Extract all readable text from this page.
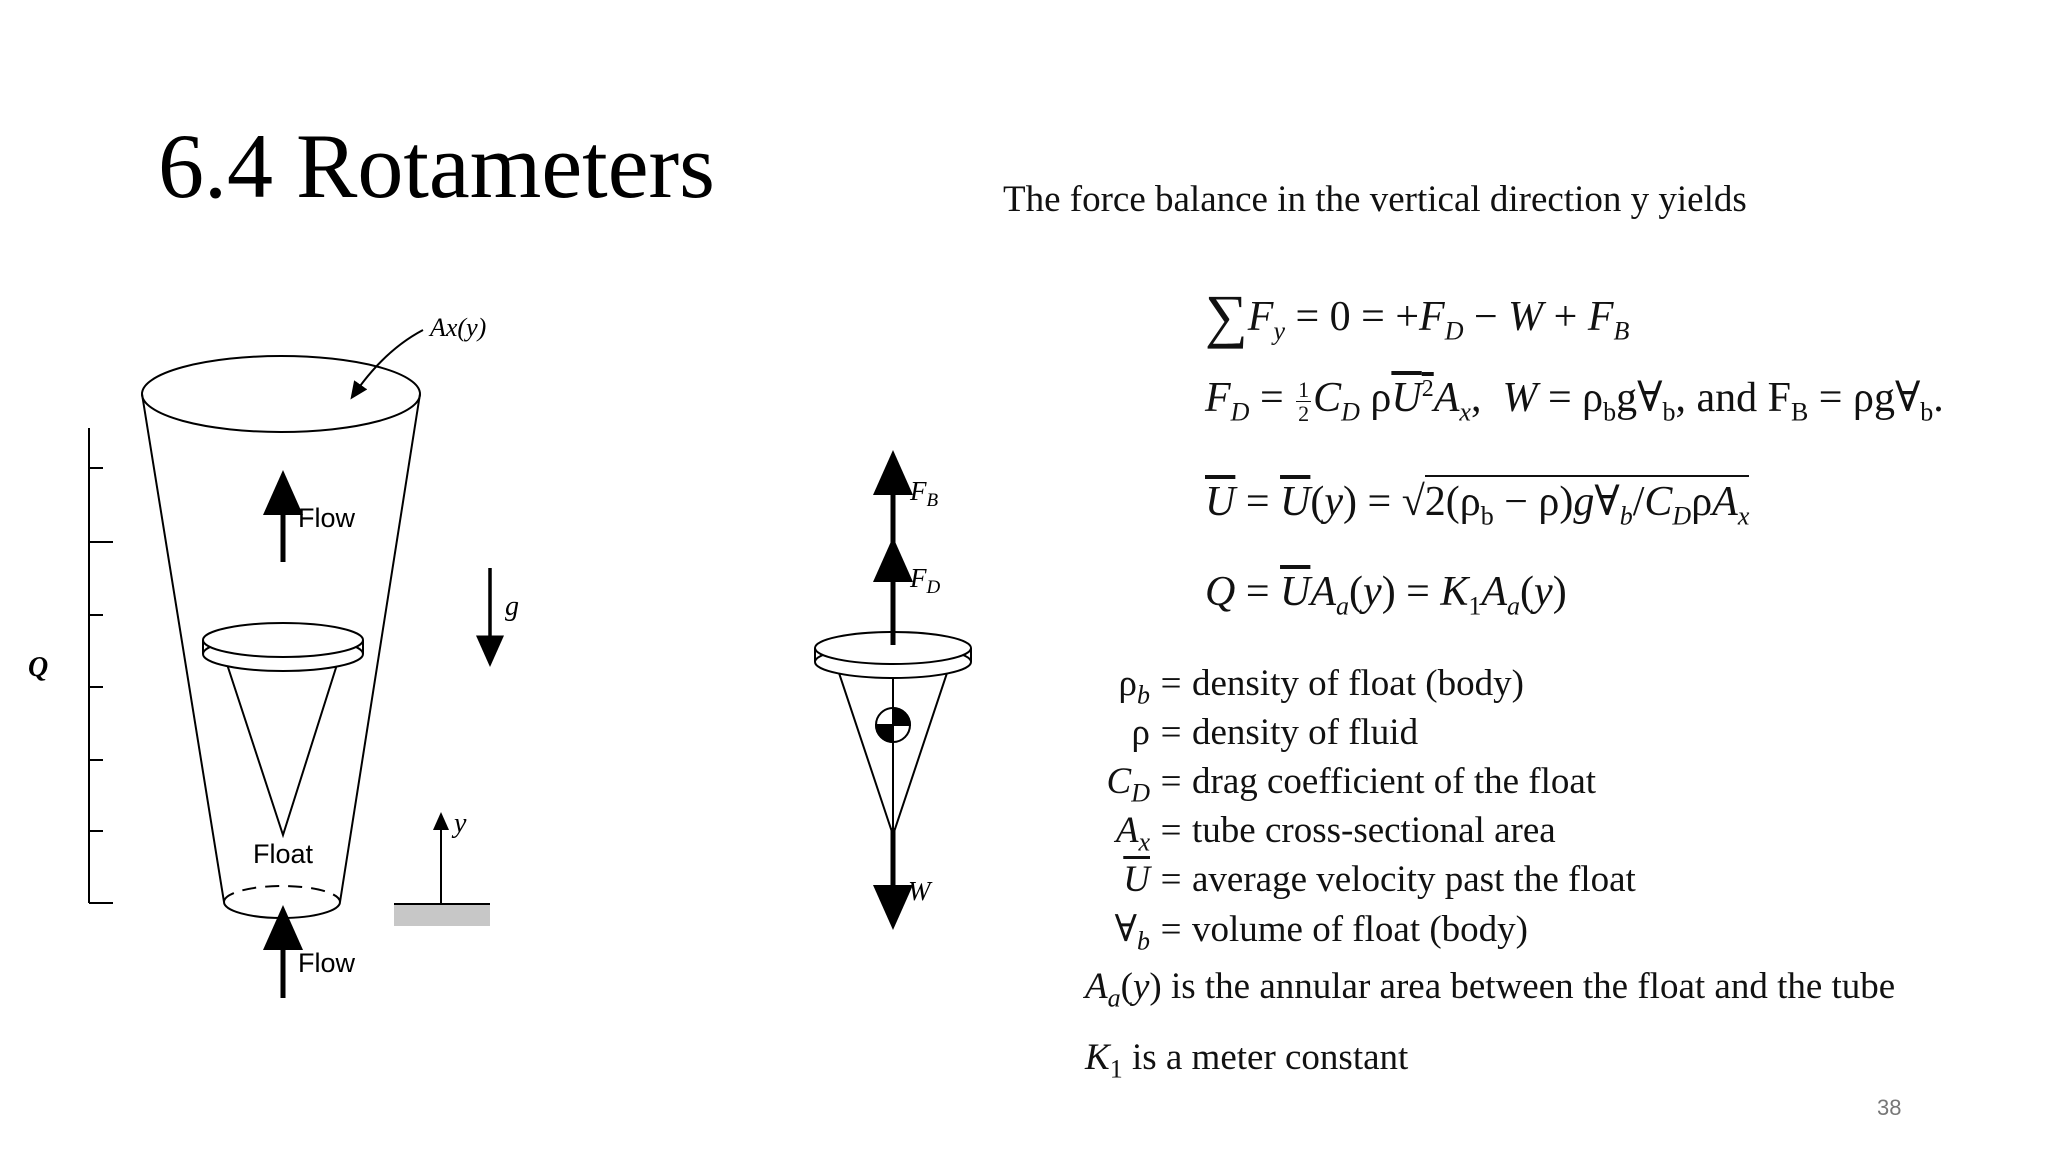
6.4 Rotameters	The force balance in the vertical direction y yields
$\sum F_y = 0 = +F_D - W + F_B$
$F_D = \frac{1}{2} C_D$ $\rho U^2A_x$,  $W = \rho_bg\forall_b$, and $F_B$ = $\rho g\forall_b$.
$\overline{U} = \overline{U}(y) = √2(\rho_b$ − $\rho)g\forall_b/C_D\rho A_x$
$Q = \overline{U}A_a(y) = K_1A_a(y)$
$\rho_b$ = density of float (body)
ρ = density of fluid
$C_D$ = drag coefficient of the float
$A_x$ = tube cross-sectional area
$\overline{U}$ = average velocity past the float
$\forall_b$ = volume of float (body)
$A_a(y)$ is the annular area between the float and the tube
$K_1$ is a meter constant
38
Q
Ax(y)
Flow
Float
Flow
g
y
$F_B$
$F_D$
W
